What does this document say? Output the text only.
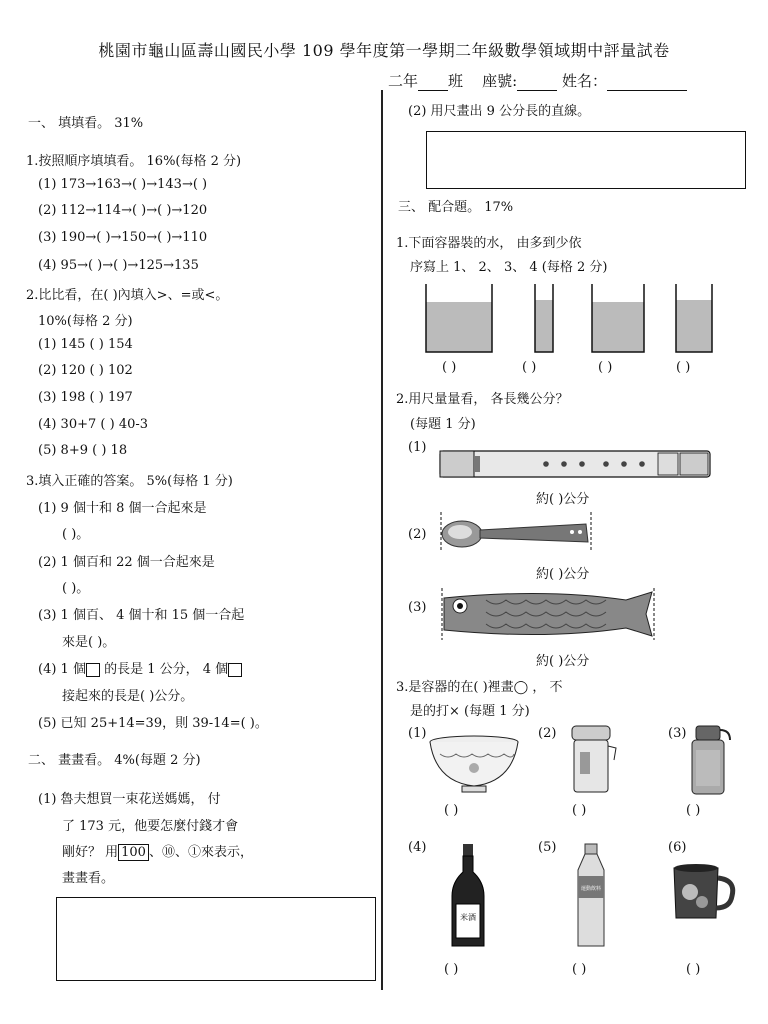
桃園市龜山區壽山國民小學 109 學年度第一學期二年級數學領域期中評量試卷
二年 班 座號:	姓名：
一、 填填看。 31%
1.按照順序填填看。 16%(每格 2 分)
(1) 173→163→( )→143→( )
(2) 112→114→( )→( )→120
(3) 190→( )→150→( )→110
(4) 95→( )→( )→125→135
2.比比看，在( )內填入>、=或<。
10%(每格 2 分)
(1) 145 ( ) 154
(2) 120 ( ) 102
(3) 198 ( ) 197
(4) 30+7 ( ) 40-3
(5) 8+9 ( ) 18
3.填入正確的答案。 5%(每格 1 分)
(1) 9 個十和 8 個一合起來是
( )。
(2) 1 個百和 22 個一合起來是
( )。
(3) 1 個百、 4 個十和 15 個一合起
來是( )。
(4) 1 個 的長是 1 公分， 4 個
接起來的長是( )公分。
(5) 已知 25+14=39，則 39-14=( )。
二、 畫畫看。 4%(每題 2 分)
(1) 魯夫想買一束花送媽媽， 付
了 173 元，他要怎麼付錢才會
剛好？ 用 100 、⑩、①來表示，
畫畫看。
(2) 用尺畫出 9 公分長的直線。
三、 配合題。 17%
1.下面容器裝的水， 由多到少依
序寫上 1、 2、 3、 4 (每格 2 分)
( )	( )	( )	( )
2.用尺量量看， 各長幾公分？
(每題 1 分)
(1)
約( )公分
(2)
約( )公分
(3)
約( )公分
3.是容器的在( )裡畫◯ ， 不
是的打× (每題 1 分)
(1)
( )
(2)
( )
(3)
( )
(4)
米酒
( )
(5)
運動飲料
( )
(6)
( )
